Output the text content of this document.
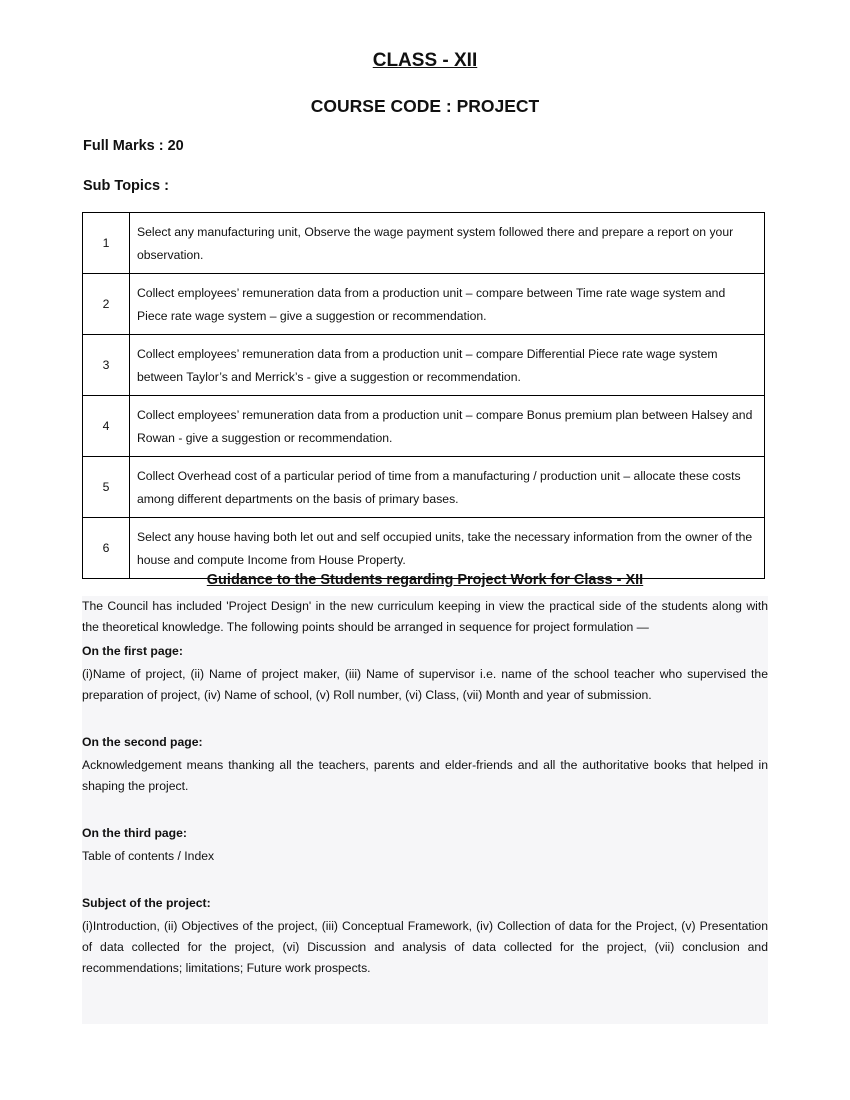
CLASS - XII
COURSE CODE : PROJECT
Full Marks : 20
Sub Topics :
1	Select any manufacturing unit, Observe the wage payment system followed there and prepare a report on your observation.
2	Collect employees’ remuneration data from a production unit – compare between Time rate wage system and Piece rate wage system – give a suggestion or recommendation.
3	Collect employees’ remuneration data from a production unit – compare Differential Piece rate wage system between Taylor’s and Merrick’s - give a suggestion or recommendation.
4	Collect employees’ remuneration data from a production unit – compare Bonus premium plan between Halsey and Rowan - give a suggestion or recommendation.
5	Collect Overhead cost of a particular period of time from a manufacturing / production unit – allocate these costs among different departments on the basis of primary bases.
6	Select any house having both let out and self occupied units, take the necessary information from the owner of the house and compute Income from House Property.
Guidance to the Students regarding Project Work for Class - XII

The Council has included 'Project Design' in the new curriculum keeping in view the practical side of the students along with the theoretical knowledge. The following points should be arranged in sequence for project formulation —

On the first page:

(i)Name of project, (ii) Name of project maker, (iii) Name of supervisor i.e. name of the school teacher who supervised the preparation of project, (iv) Name of school, (v) Roll number, (vi) Class, (vii) Month and year of submission.

On the second page:

Acknowledgement means thanking all the teachers, parents and elder-friends and all the authoritative books that helped in shaping the project.

On the third page:

Table of contents / Index

Subject of the project:

(i)Introduction, (ii) Objectives of the project, (iii) Conceptual Framework, (iv) Collection of data for the Project, (v) Presentation of data collected for the project, (vi) Discussion and analysis of data collected for the project, (vii) conclusion and recommendations; limitations; Future work prospects.
